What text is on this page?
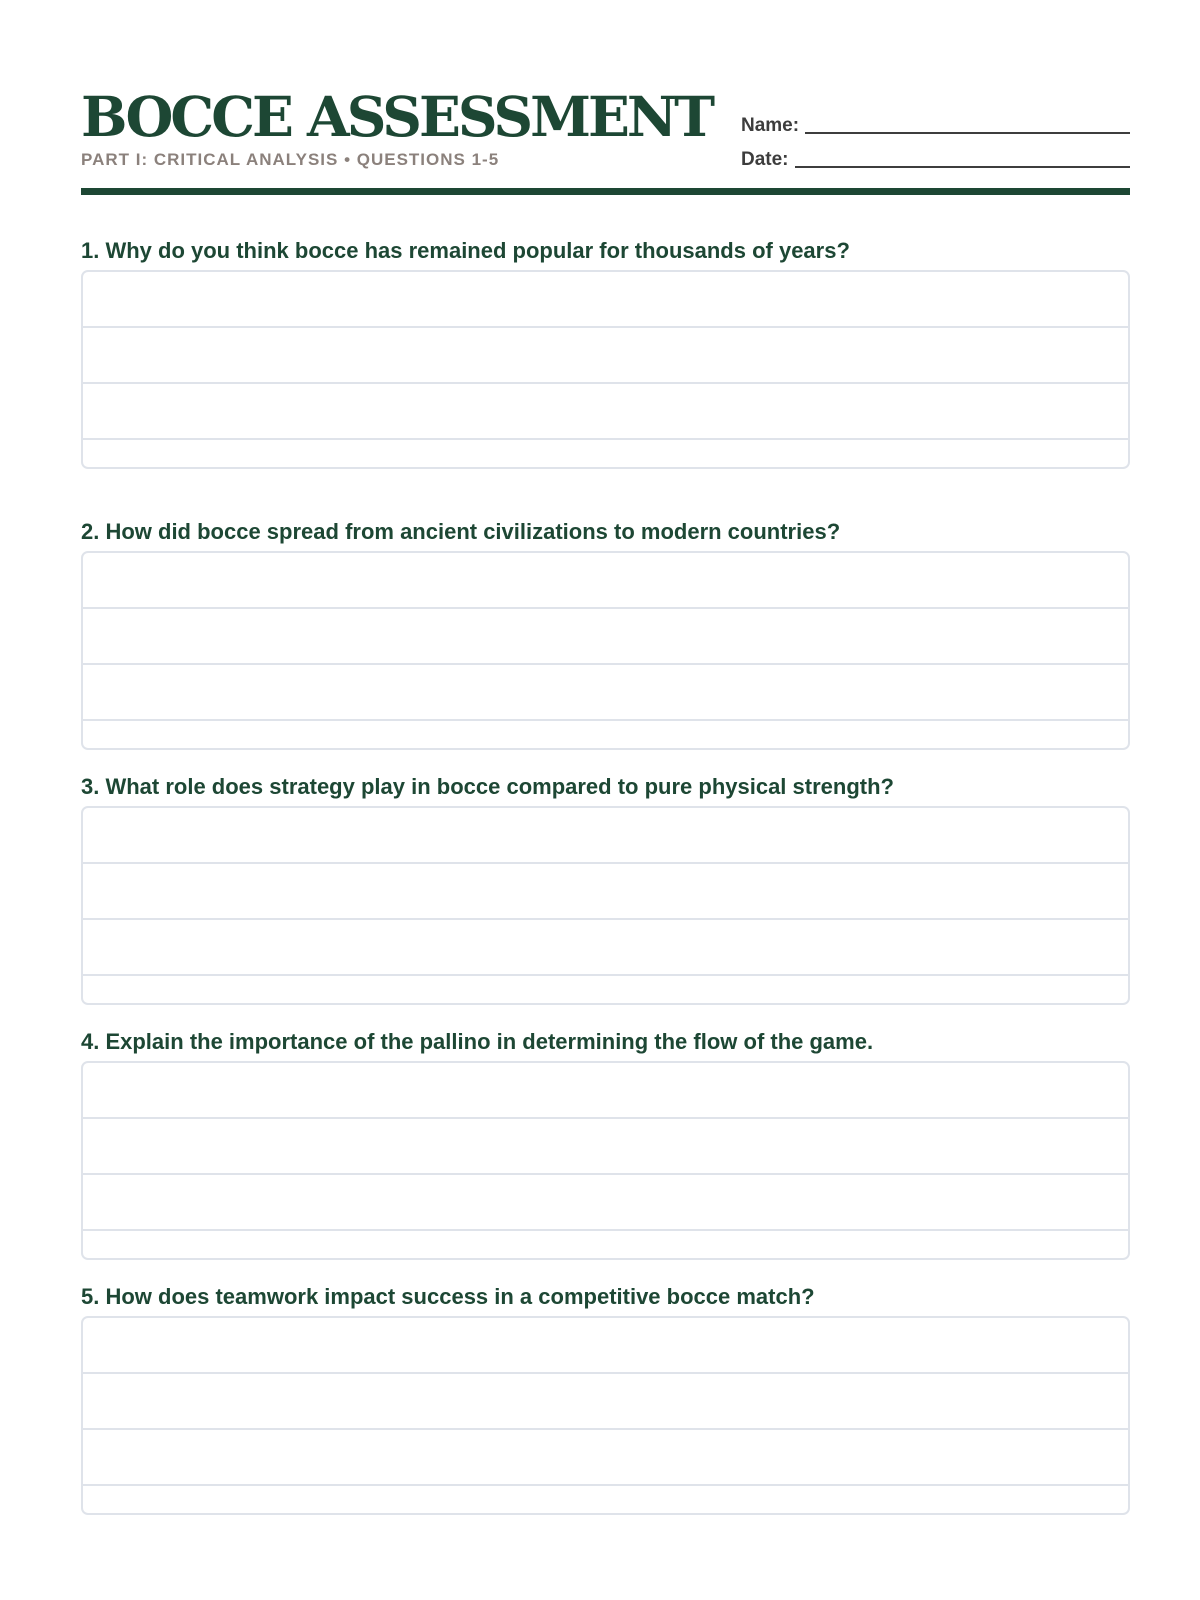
BOCCE ASSESSMENT
PART I: CRITICAL ANALYSIS • QUESTIONS 1-5
Name:
Date:

1. Why do you think bocce has remained popular for thousands of years?

2. How did bocce spread from ancient civilizations to modern countries?

3. What role does strategy play in bocce compared to pure physical strength?

4. Explain the importance of the pallino in determining the flow of the game.

5. How does teamwork impact success in a competitive bocce match?
